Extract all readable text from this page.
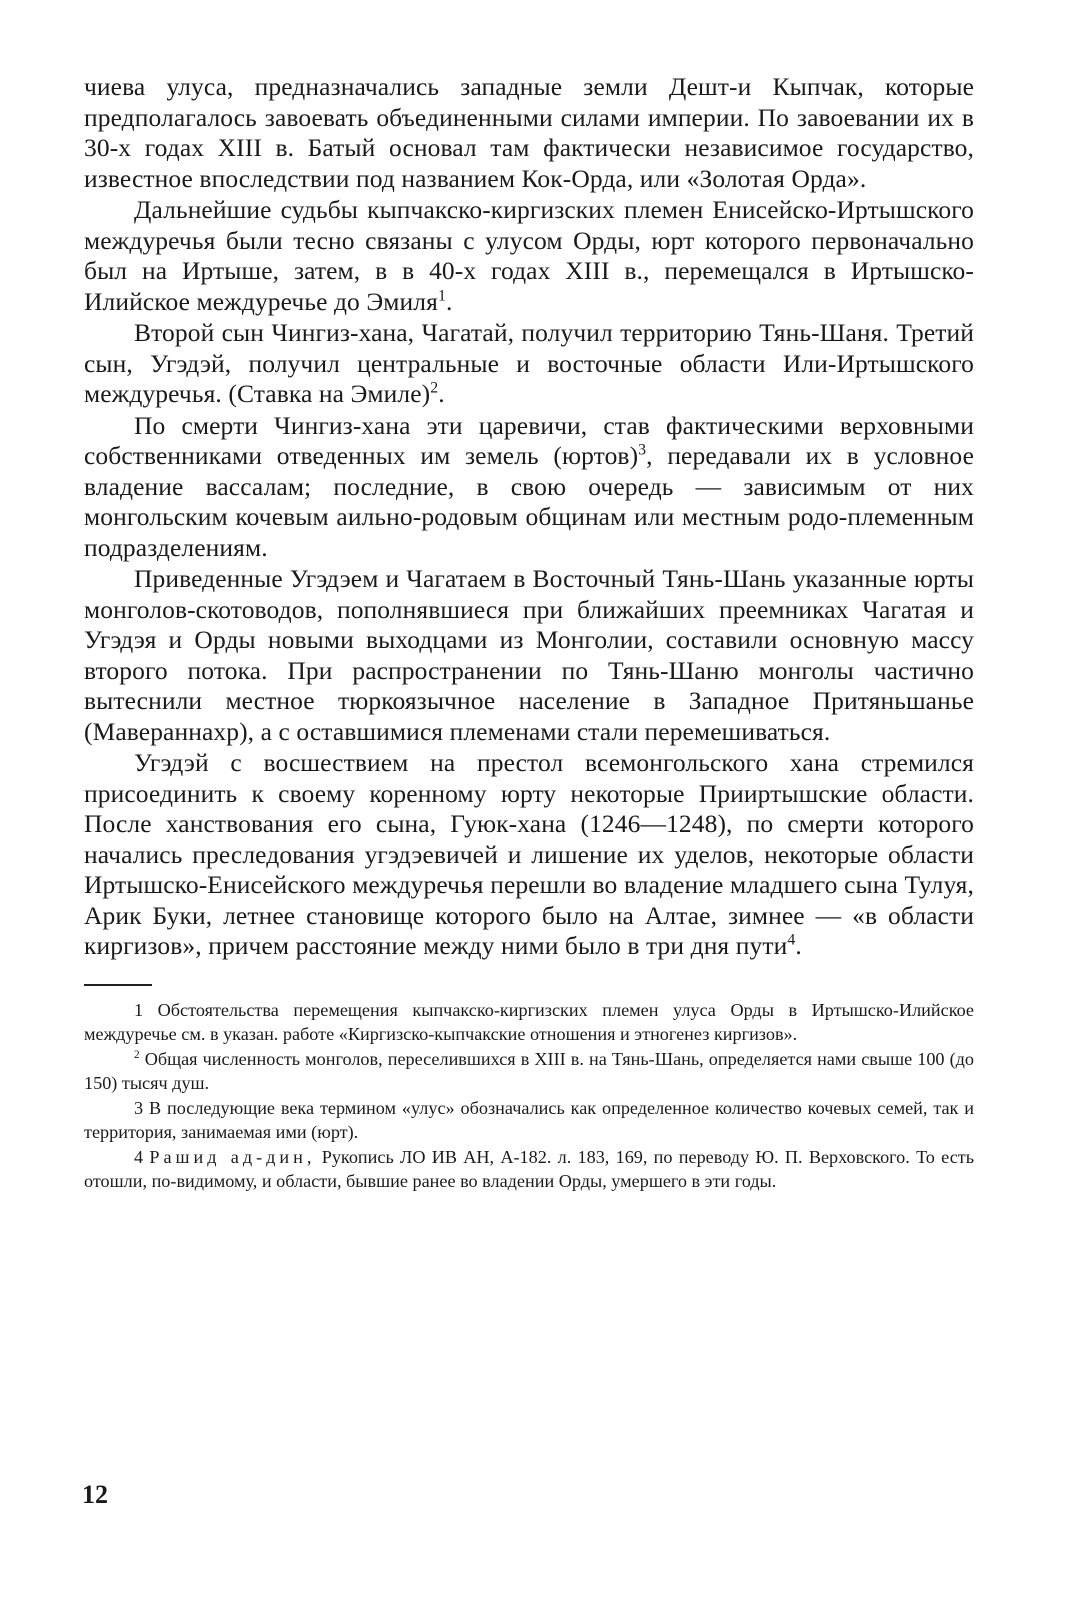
чиева улуса, предназначались западные земли Дешт-и Кыпчак, которые предполагалось завоевать объединенными силами империи. По завоевании их в 30-х годах XIII в. Батый основал там фактически независимое государство, известное впоследствии под названием Кок-Орда, или «Золотая Орда».

Дальнейшие судьбы кыпчакско-киргизских племен Енисейско-Иртышского междуречья были тесно связаны с улусом Орды, юрт которого первоначально был на Иртыше, затем, в в 40-х годах XIII в., перемещался в Иртышско-Илийское междуречье до Эмиля$^1$.

Второй сын Чингиз-хана, Чагатай, получил территорию Тянь-Шаня. Третий сын, Угэдэй, получил центральные и восточные области Или-Иртышского междуречья. (Ставка на Эмиле)$^2$.

По смерти Чингиз-хана эти царевичи, став фактическими верховными собственниками отведенных им земель (юртов)$^3$, передавали их в условное владение вассалам; последние, в свою очередь — зависимым от них монгольским кочевым аильно-родовым общинам или местным родо-племенным подразделениям.

Приведенные Угэдэем и Чагатаем в Восточный Тянь-Шань указанные юрты монголов-скотоводов, пополнявшиеся при ближайших преемниках Чагатая и Угэдэя и Орды новыми выходцами из Монголии, составили основную массу второго потока. При распространении по Тянь-Шаню монголы частично вытеснили местное тюркоязычное население в Западное Притяньшанье (Мавераннахр), а с оставшимися племенами стали перемешиваться.

Угэдэй с восшествием на престол всемонгольского хана стремился присоединить к своему коренному юрту некоторые Прииртышские области. После ханствования его сына, Гуюк-хана (1246—1248), по смерти которого начались преследования угэдэевичей и лишение их уделов, некоторые области Иртышско-Енисейского междуречья перешли во владение младшего сына Тулуя, Арик Буки, летнее становище которого было на Алтае, зимнее — «в области киргизов», причем расстояние между ними было в три дня пути$^4$.

1 Обстоятельства перемещения кыпчакско-киргизских племен улуса Орды в Иртышско-Илийское междуречье см. в указан. работе «Киргизско-кыпчакские отношения и этногенез киргизов».

$^2$ Общая численность монголов, переселившихся в XIII в. на Тянь-Шань, определяется нами свыше 100 (до 150) тысяч душ.

3 В последующие века термином «улус» обозначались как определенное количество кочевых семей, так и территория, занимаемая ими (юрт).

4 Рашид ад-дин, Рукопись ЛО ИВ АН, А-182. л. 183, 169, по переводу Ю. П. Верховского. То есть отошли, по-видимому, и области, бывшие ранее во владении Орды, умершего в эти годы.

12
